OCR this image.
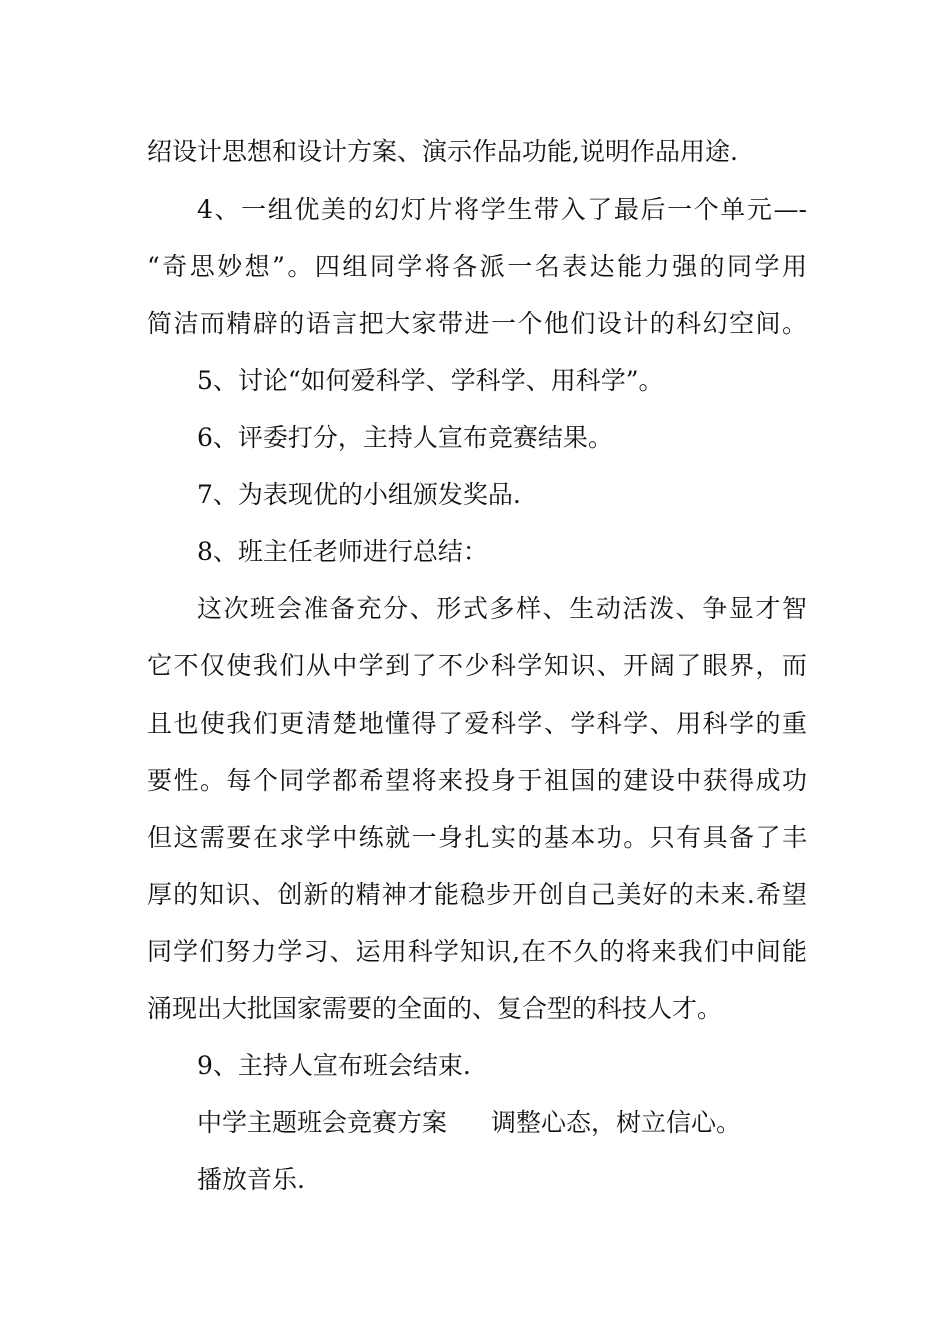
绍设计思想和设计方案、演示作品功能,说明作品用途.
4、一组优美的幻灯片将学生带入了最后一个单元—-
“奇思妙想”。四组同学将各派一名表达能力强的同学用
简洁而精辟的语言把大家带进一个他们设计的科幻空间。
5、讨论“如何爱科学、学科学、用科学”。
6、评委打分，主持人宣布竞赛结果。
7、为表现优的小组颁发奖品.
8、班主任老师进行总结：
这次班会准备充分、形式多样、生动活泼、争显才智
它不仅使我们从中学到了不少科学知识、开阔了眼界，而
且也使我们更清楚地懂得了爱科学、学科学、用科学的重
要性。每个同学都希望将来投身于祖国的建设中获得成功
但这需要在求学中练就一身扎实的基本功。只有具备了丰
厚的知识、创新的精神才能稳步开创自己美好的未来.希望
同学们努力学习、运用科学知识,在不久的将来我们中间能
涌现出大批国家需要的全面的、复合型的科技人才。
9、主持人宣布班会结束.
中学主题班会竞赛方案 调整心态，树立信心。
播放音乐.
